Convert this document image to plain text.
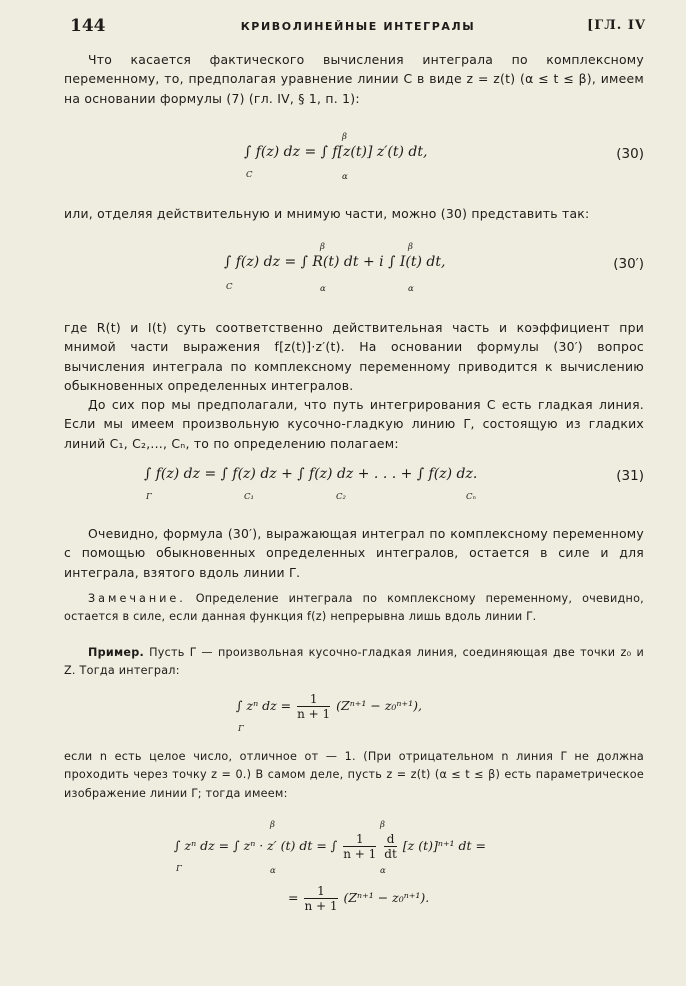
144	КРИВОЛИНЕЙНЫЕ ИНТЕГРАЛЫ	[ГЛ. IV
Что касается фактического вычисления интеграла по комплексному переменному, то, предполагая уравнение линии C в виде z = z(t) (α ≤ t ≤ β), имеем на основании формулы (7) (гл. IV, § 1, п. 1):
∫ f(z) dz = ∫ f[z(t)] z′(t) dt,
C
β
α
(30)
или, отделяя действительную и мнимую части, можно (30) представить так:
∫ f(z) dz = ∫ R(t) dt + i ∫ I(t) dt,
C
β
α
β
α
(30′)
где R(t) и I(t) суть соответственно действительная часть и коэффициент при мнимой части выражения f[z(t)]·z′(t). На основании формулы (30′) вопрос вычисления интеграла по комплексному переменному приводится к вычислению обыкновенных определенных интегралов.
До сих пор мы предполагали, что путь интегрирования C есть гладкая линия. Если мы имеем произвольную кусочно-гладкую линию Γ, состоящую из гладких линий C₁, C₂,..., Cₙ, то по определению полагаем:
∫ f(z) dz = ∫ f(z) dz + ∫ f(z) dz + . . . + ∫ f(z) dz.
Γ	C₁	C₂	Cₙ
(31)
Очевидно, формула (30′), выражающая интеграл по комплексному переменному с помощью обыкновенных определенных интегралов, остается в силе и для интеграла, взятого вдоль линии Γ.
Замечание. Определение интеграла по комплексному переменному, очевидно, остается в силе, если данная функция f(z) непрерывна лишь вдоль линии Γ.
Пример. Пусть Γ — произвольная кусочно-гладкая линия, соединяющая две точки z₀ и Z. Тогда интеграл:
∫ zⁿ dz = $\frac{1}{n + 1} (Z^{n+1} - z_0^{n+1})$,
Γ
если n есть целое число, отличное от — 1. (При отрицательном n линия Γ не должна проходить через точку z = 0.) В самом деле, пусть z = z(t) (α ≤ t ≤ β) есть параметрическое изображение линии Γ; тогда имеем:
∫ zⁿ dz = ∫ zⁿ · z′ (t) dt = ∫ $\frac{1}{n + 1}$
$\frac{d}{dt} [z$ (t)]ⁿ⁺¹ dt =
Γ
β
α
β
α
= $\frac{1}{n + 1} (Z^{n+1} - z_0^{n+1})$.
